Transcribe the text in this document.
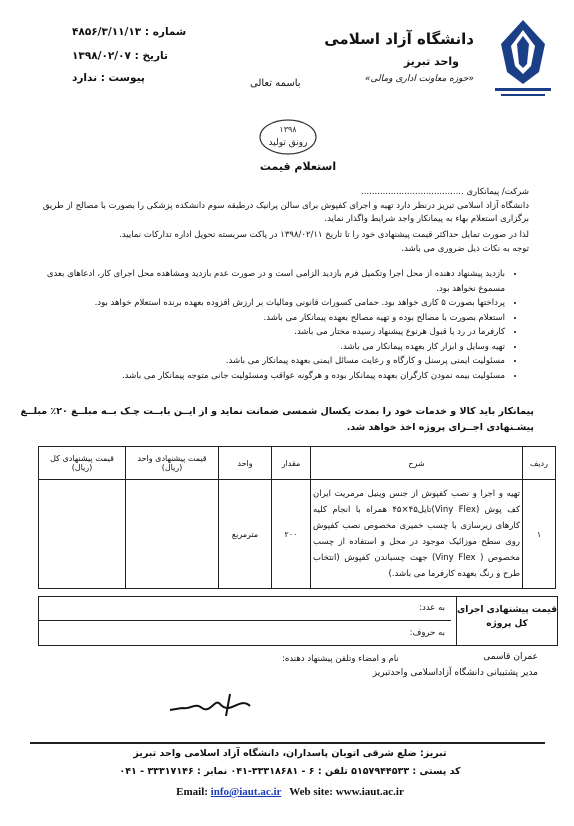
دانشگاه آزاد اسلامی
واحد تبریز
«حوزه معاونت اداری ومالی»
باسمه تعالی
شماره : ۴۸۵۶/۳/۱۱/۱۳
تاریخ : ۱۳۹۸/۰۲/۰۷
پیوست : ندارد
۱۳۹۸
رونق تولید
استعلام قیمت
شرکت/ پیمانکاری ......................................
دانشگاه آزاد اسلامی تبریز درنظر دارد تهیه و اجرای کفپوش برای سالن پرانیک درطبقه سوم دانشکده پزشکی را بصورت با مصالح از طریق برگزاری استعلام بهاء به پیمانکار واجد شرایط واگذار نماید.
لذا در صورت تمایل حداکثر قیمت پیشنهادی خود را تا تاریخ ۱۳۹۸/۰۲/۱۱ در پاکت سربسته تحویل اداره تدارکات نمایید.
توجه به نکات ذیل ضروری می باشد.
• بازدید پیشنهاد دهنده از محل اجرا وتکمیل فرم بازدید الزامی است و در صورت عدم بازدید ومشاهده محل اجرای کار، ادعاهای بعدی مسموع نخواهد بود.
• پرداختها بصورت ۵ کاری خواهد بود. حمامی کسورات قانونی ومالیات بر ارزش افزوده بعهده برنده استعلام خواهد بود.
• استعلام بصورت با مصالح بوده و تهیه مصالح بعهده پیمانکار می باشد.
• کارفرما در رد یا قبول هرنوع پیشنهاد رسیده مختار می باشد.
• تهیه وسایل و ابزار کار بعهده پیمانکار می باشد.
• مسئولیت ایمنی پرسنل و کارگاه و رعایت مسائل ایمنی بعهده پیمانکار می باشد.
• مسئولیت بیمه نمودن کارگران بعهده پیمانکار بوده و هرگونه عواقب ومسئولیت جانی متوجه پیمانکار می باشد.
پیمانکار باید کالا و خدمات خود را بمدت یکسال شمسی ضمانت نماید و از ایــن بابــت چـک بــه مبلــغ ۲۰٪ مبلــغ پیشـنهادی اجــرای پروژه اخذ خواهد شد.
ردیف	شرح	مقدار	واحد	قیمت پیشنهادی واحد (ریال)	قیمت پیشنهادی کل (ریال)
۱	تهیه و اجرا و نصب کفپوش از جنس وینیل مرمریت ایران کف پوش (Viny Flex)تایل۴۵×۴۵ همراه با انجام کلیه کارهای زیرسازی با چسب خمیری مخصوص نصب کفپوش روی سطح موزائیک موجود در محل و استفاده از چسب مخصوص ( Viny Flex) جهت چسباندن کفپوش (انتخاب طرح و رنگ بعهده کارفرما می باشد.)	۲۰۰	مترمربع		
قیمت پیشنهادی اجرای
کل پروژه
به عدد:
به حروف:
عمران قاسمی
نام و امضاء وتلفن پیشنهاد دهنده:
مدیر پشتیبانی دانشگاه آزاداسلامی واحدتبریز
تبریز: ضلع شرقی اتوبان پاسداران، دانشگاه آزاد اسلامی واحد تبریز
کد پستی : ۵۱۵۷۹۴۴۵۳۳ تلفن : ۶ - ۳۳۳۱۸۶۸۱-۰۴۱ نمابر : ۳۳۳۱۷۱۴۶ - ۰۴۱
Email: info@iaut.ac.ir Web site: www.iaut.ac.ir
